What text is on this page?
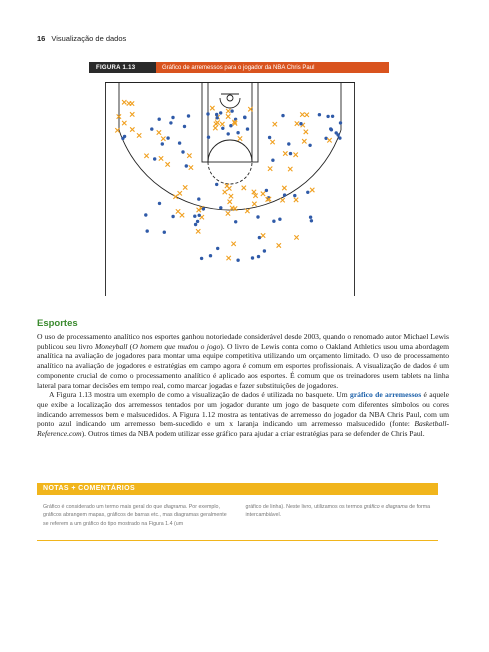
16 Visualização de dados
FIGURA 1.13	Gráfico de arremessos para o jogador da NBA Chris Paul
Esportes

O uso de processamento analítico nos esportes ganhou notoriedade considerável desde 2003, quando o renomado autor Michael Lewis publicou seu livro Moneyball (O homem que mudou o jogo). O livro de Lewis conta como o Oakland Athletics usou uma abordagem analítica na avaliação de jogadores para montar uma equipe competitiva utilizando um orçamento limitado. O uso de processamento analítico na avaliação de jogadores e estratégias em campo agora é comum em esportes profissionais. A visualização de dados é um componente crucial de como o processamento analítico é aplicado aos esportes. É comum que os treinadores usem tablets na linha lateral para tomar decisões em tempo real, como marcar jogadas e fazer substituições de jogadores.

A Figura 1.13 mostra um exemplo de como a visualização de dados é utilizada no basquete. Um gráfico de arremessos é aquele que exibe a localização dos arremessos tentados por um jogador durante um jogo de basquete com diferentes símbolos ou cores indicando arremessos bem e malsucedidos. A Figura 1.12 mostra as tentativas de arremesso do jogador da NBA Chris Paul, com um ponto azul indicando um arremesso bem-sucedido e um x laranja indicando um arremesso malsucedido (fonte: Basketball-Reference.com). Outros times da NBA podem utilizar esse gráfico para ajudar a criar estratégias para se defender de Chris Paul.

NOTAS + COMENTÁRIOS
Gráfico é considerado um termo mais geral do que diagrama. Por exemplo, gráficos abrangem mapas, gráficos de barras etc., mas diagramas geralmente se referem a um gráfico do tipo mostrado na Figura 1.4 (um
gráfico de linha). Neste livro, utilizamos os termos gráfico e diagrama de forma intercambiável.
